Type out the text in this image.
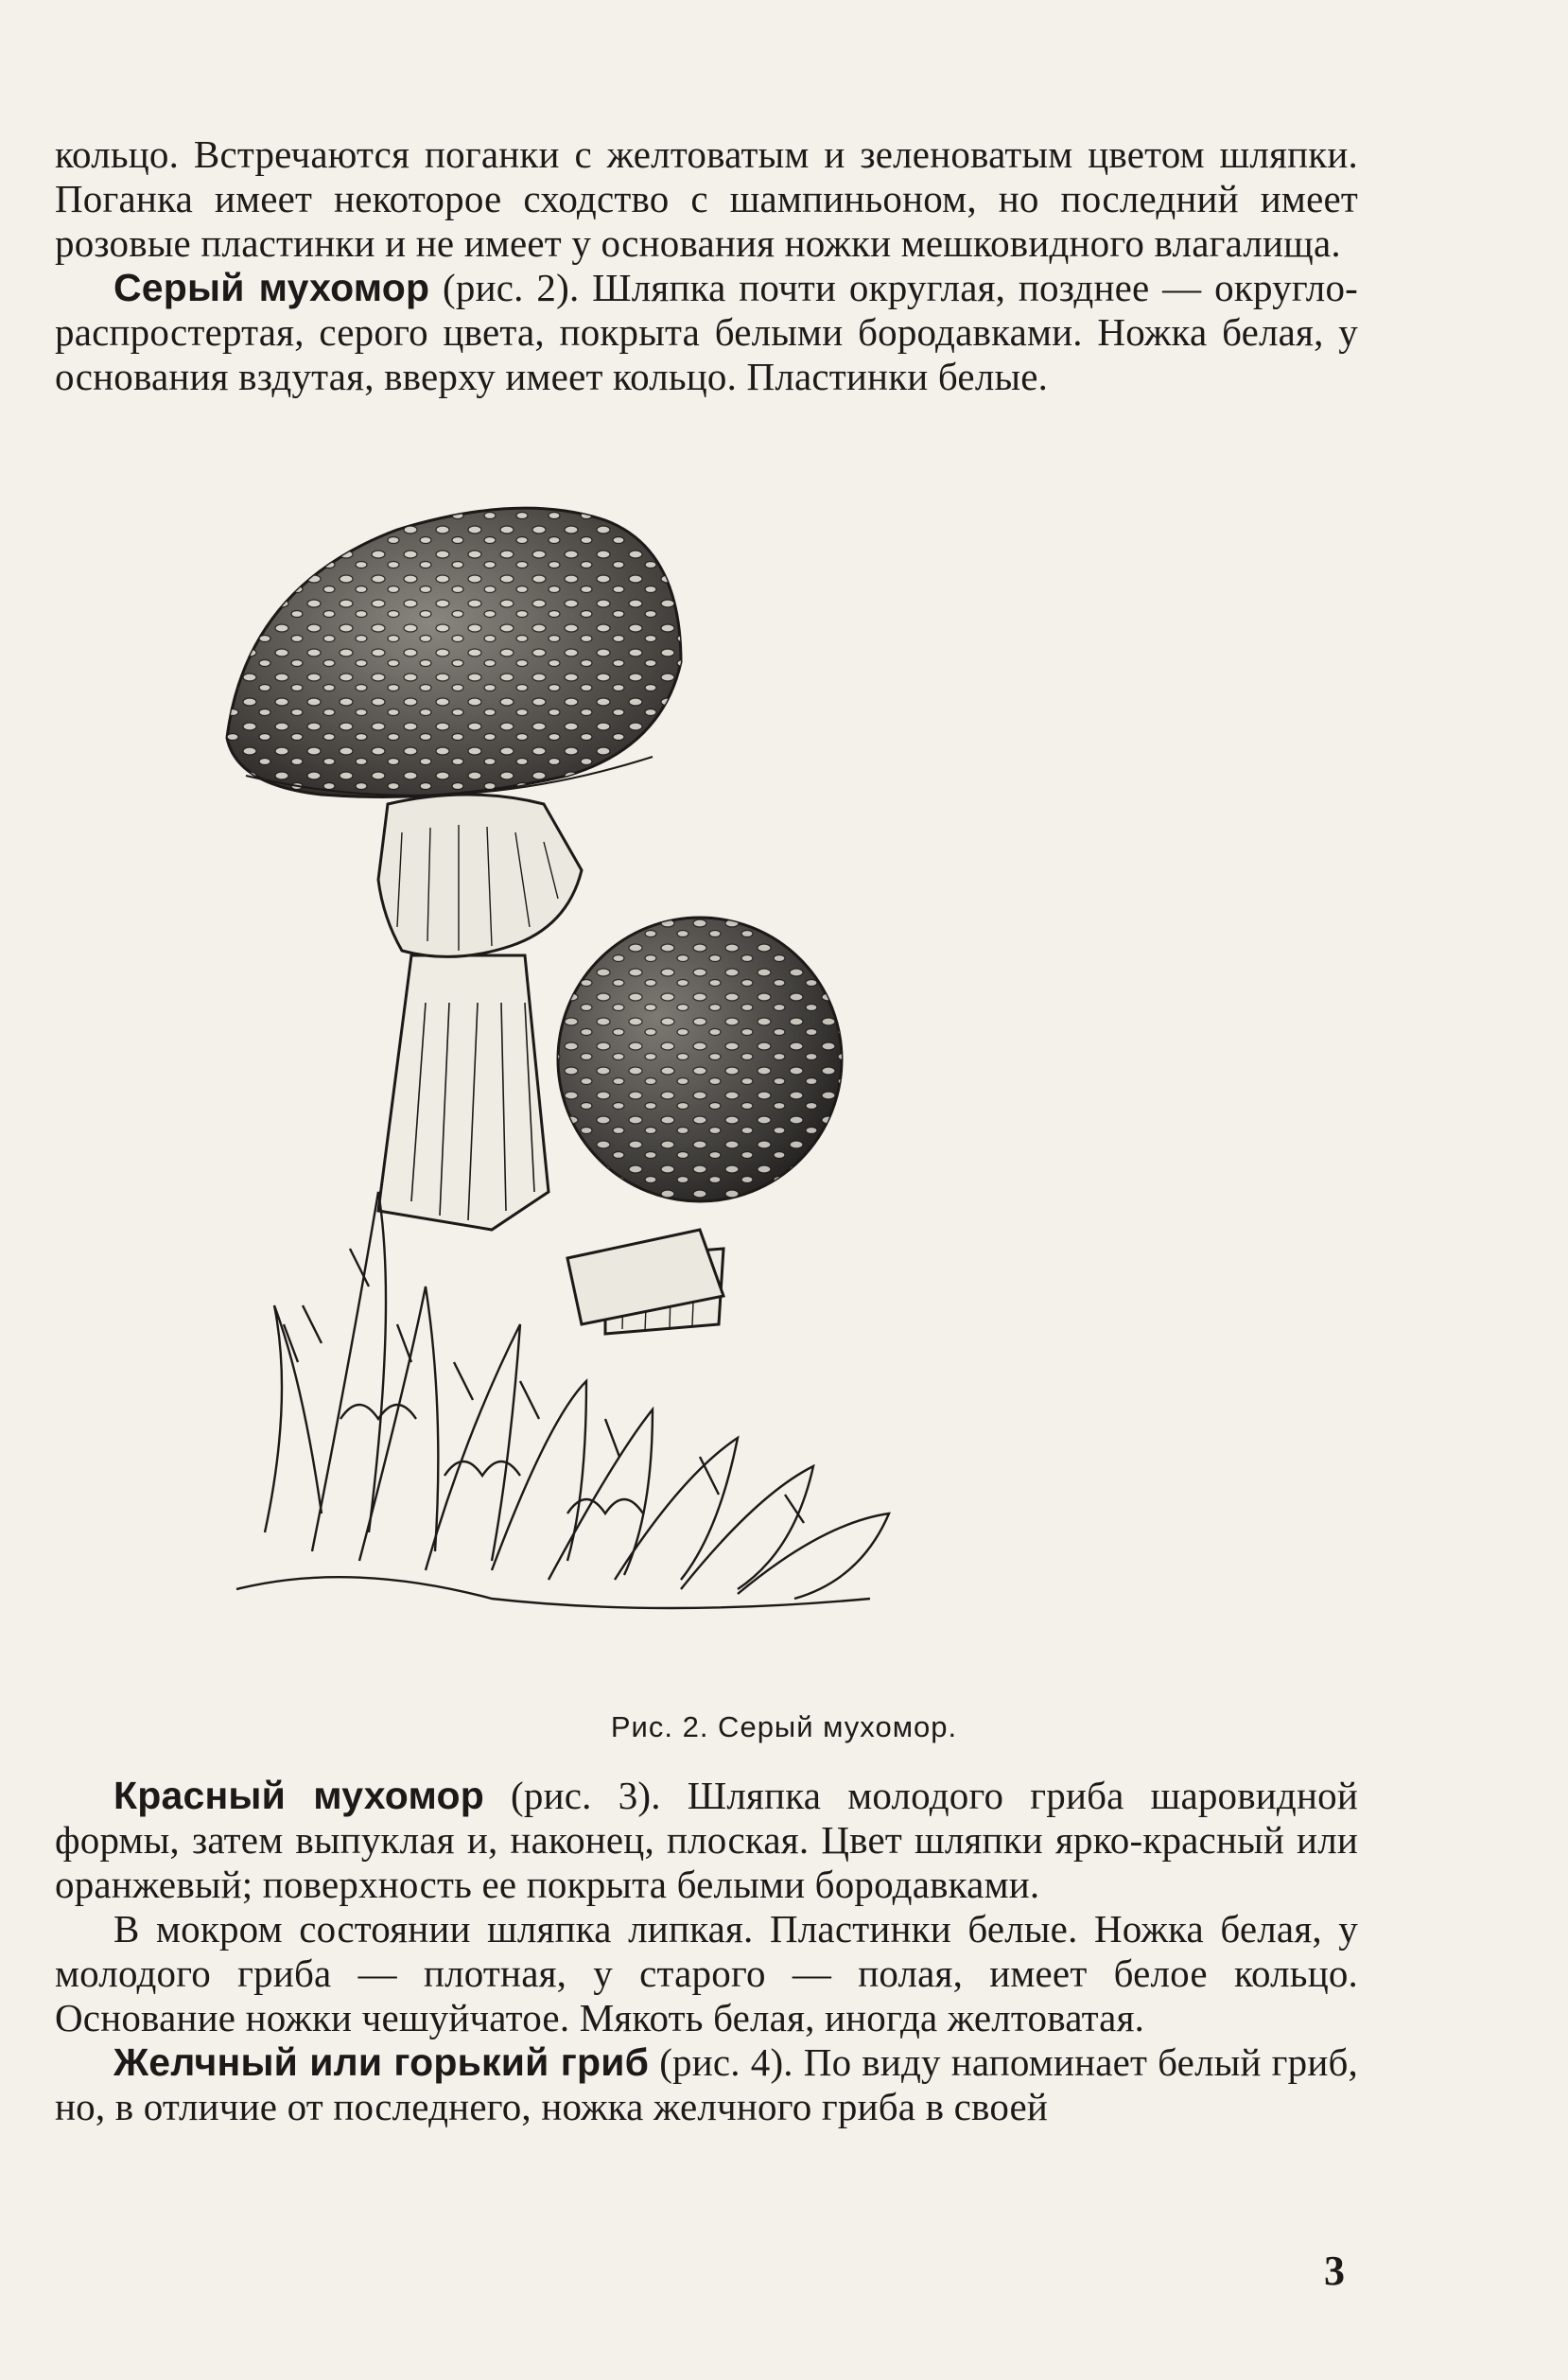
кольцо. Встречаются поганки с желтоватым и зеленоватым цветом шляпки. Поганка имеет некоторое сходство с шампиньоном, но последний имеет розовые пластинки и не имеет у основания ножки мешковидного влагалища.

Серый мухомор (рис. 2). Шляпка почти округлая, позднее — округло-распростертая, серого цвета, покрыта белыми бородавками. Ножка белая, у основания вздутая, вверху имеет кольцо. Пластинки белые.

Рис. 2. Серый мухомор.

Красный мухомор (рис. 3). Шляпка молодого гриба шаровидной формы, затем выпуклая и, наконец, плоская. Цвет шляпки ярко-красный или оранжевый; поверхность ее покрыта белыми бородавками.

В мокром состоянии шляпка липкая. Пластинки белые. Ножка белая, у молодого гриба — плотная, у старого — полая, имеет белое кольцо. Основание ножки чешуйчатое. Мякоть белая, иногда желтоватая.

Желчный или горький гриб (рис. 4). По виду напоминает белый гриб, но, в отличие от последнего, ножка желчного гриба в своей

3
